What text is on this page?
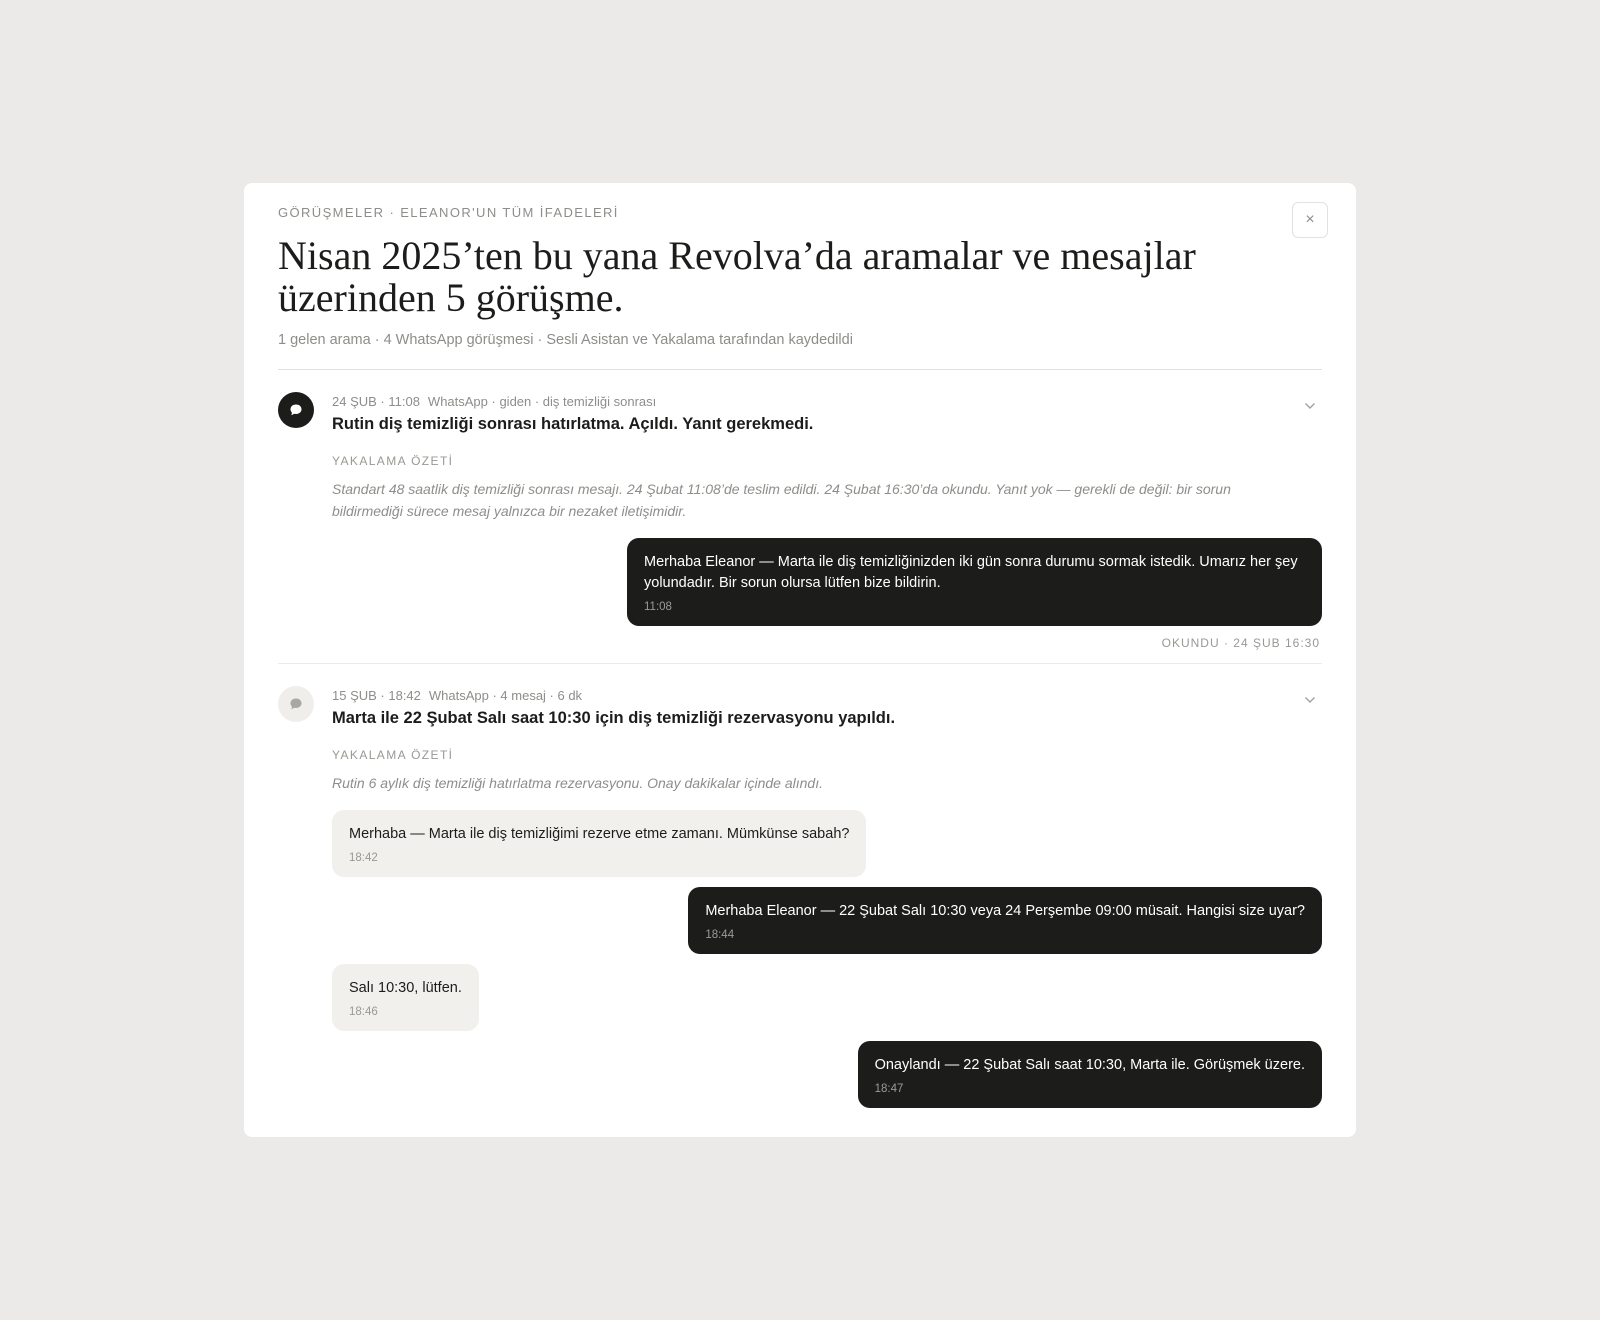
×
GÖRÜŞMELER · ELEANOR'UN TÜM İFADELERİ
Nisan 2025’ten bu yana Revolva’da aramalar ve mesajlar üzerinden 5 görüşme.
1 gelen arama · 4 WhatsApp görüşmesi · Sesli Asistan ve Yakalama tarafından kaydedildi
24 ŞUB · 11:08 WhatsApp · giden · diş temizliği sonrası
Rutin diş temizliği sonrası hatırlatma. Açıldı. Yanıt gerekmedi.
YAKALAMA ÖZETİ
Standart 48 saatlik diş temizliği sonrası mesajı. 24 Şubat 11:08’de teslim edildi. 24 Şubat 16:30’da okundu. Yanıt yok — gerekli de değil: bir sorun bildirmediği sürece mesaj yalnızca bir nezaket iletişimidir.
Merhaba Eleanor — Marta ile diş temizliğinizden iki gün sonra durumu sormak istedik. Umarız her şey yolundadır. Bir sorun olursa lütfen bize bildirin.
11:08
OKUNDU · 24 ŞUB 16:30
15 ŞUB · 18:42 WhatsApp · 4 mesaj · 6 dk
Marta ile 22 Şubat Salı saat 10:30 için diş temizliği rezervasyonu yapıldı.
YAKALAMA ÖZETİ
Rutin 6 aylık diş temizliği hatırlatma rezervasyonu. Onay dakikalar içinde alındı.
Merhaba — Marta ile diş temizliğimi rezerve etme zamanı. Mümkünse sabah?
18:42
Merhaba Eleanor — 22 Şubat Salı 10:30 veya 24 Perşembe 09:00 müsait. Hangisi size uyar?
18:44
Salı 10:30, lütfen.
18:46
Onaylandı — 22 Şubat Salı saat 10:30, Marta ile. Görüşmek üzere.
18:47
